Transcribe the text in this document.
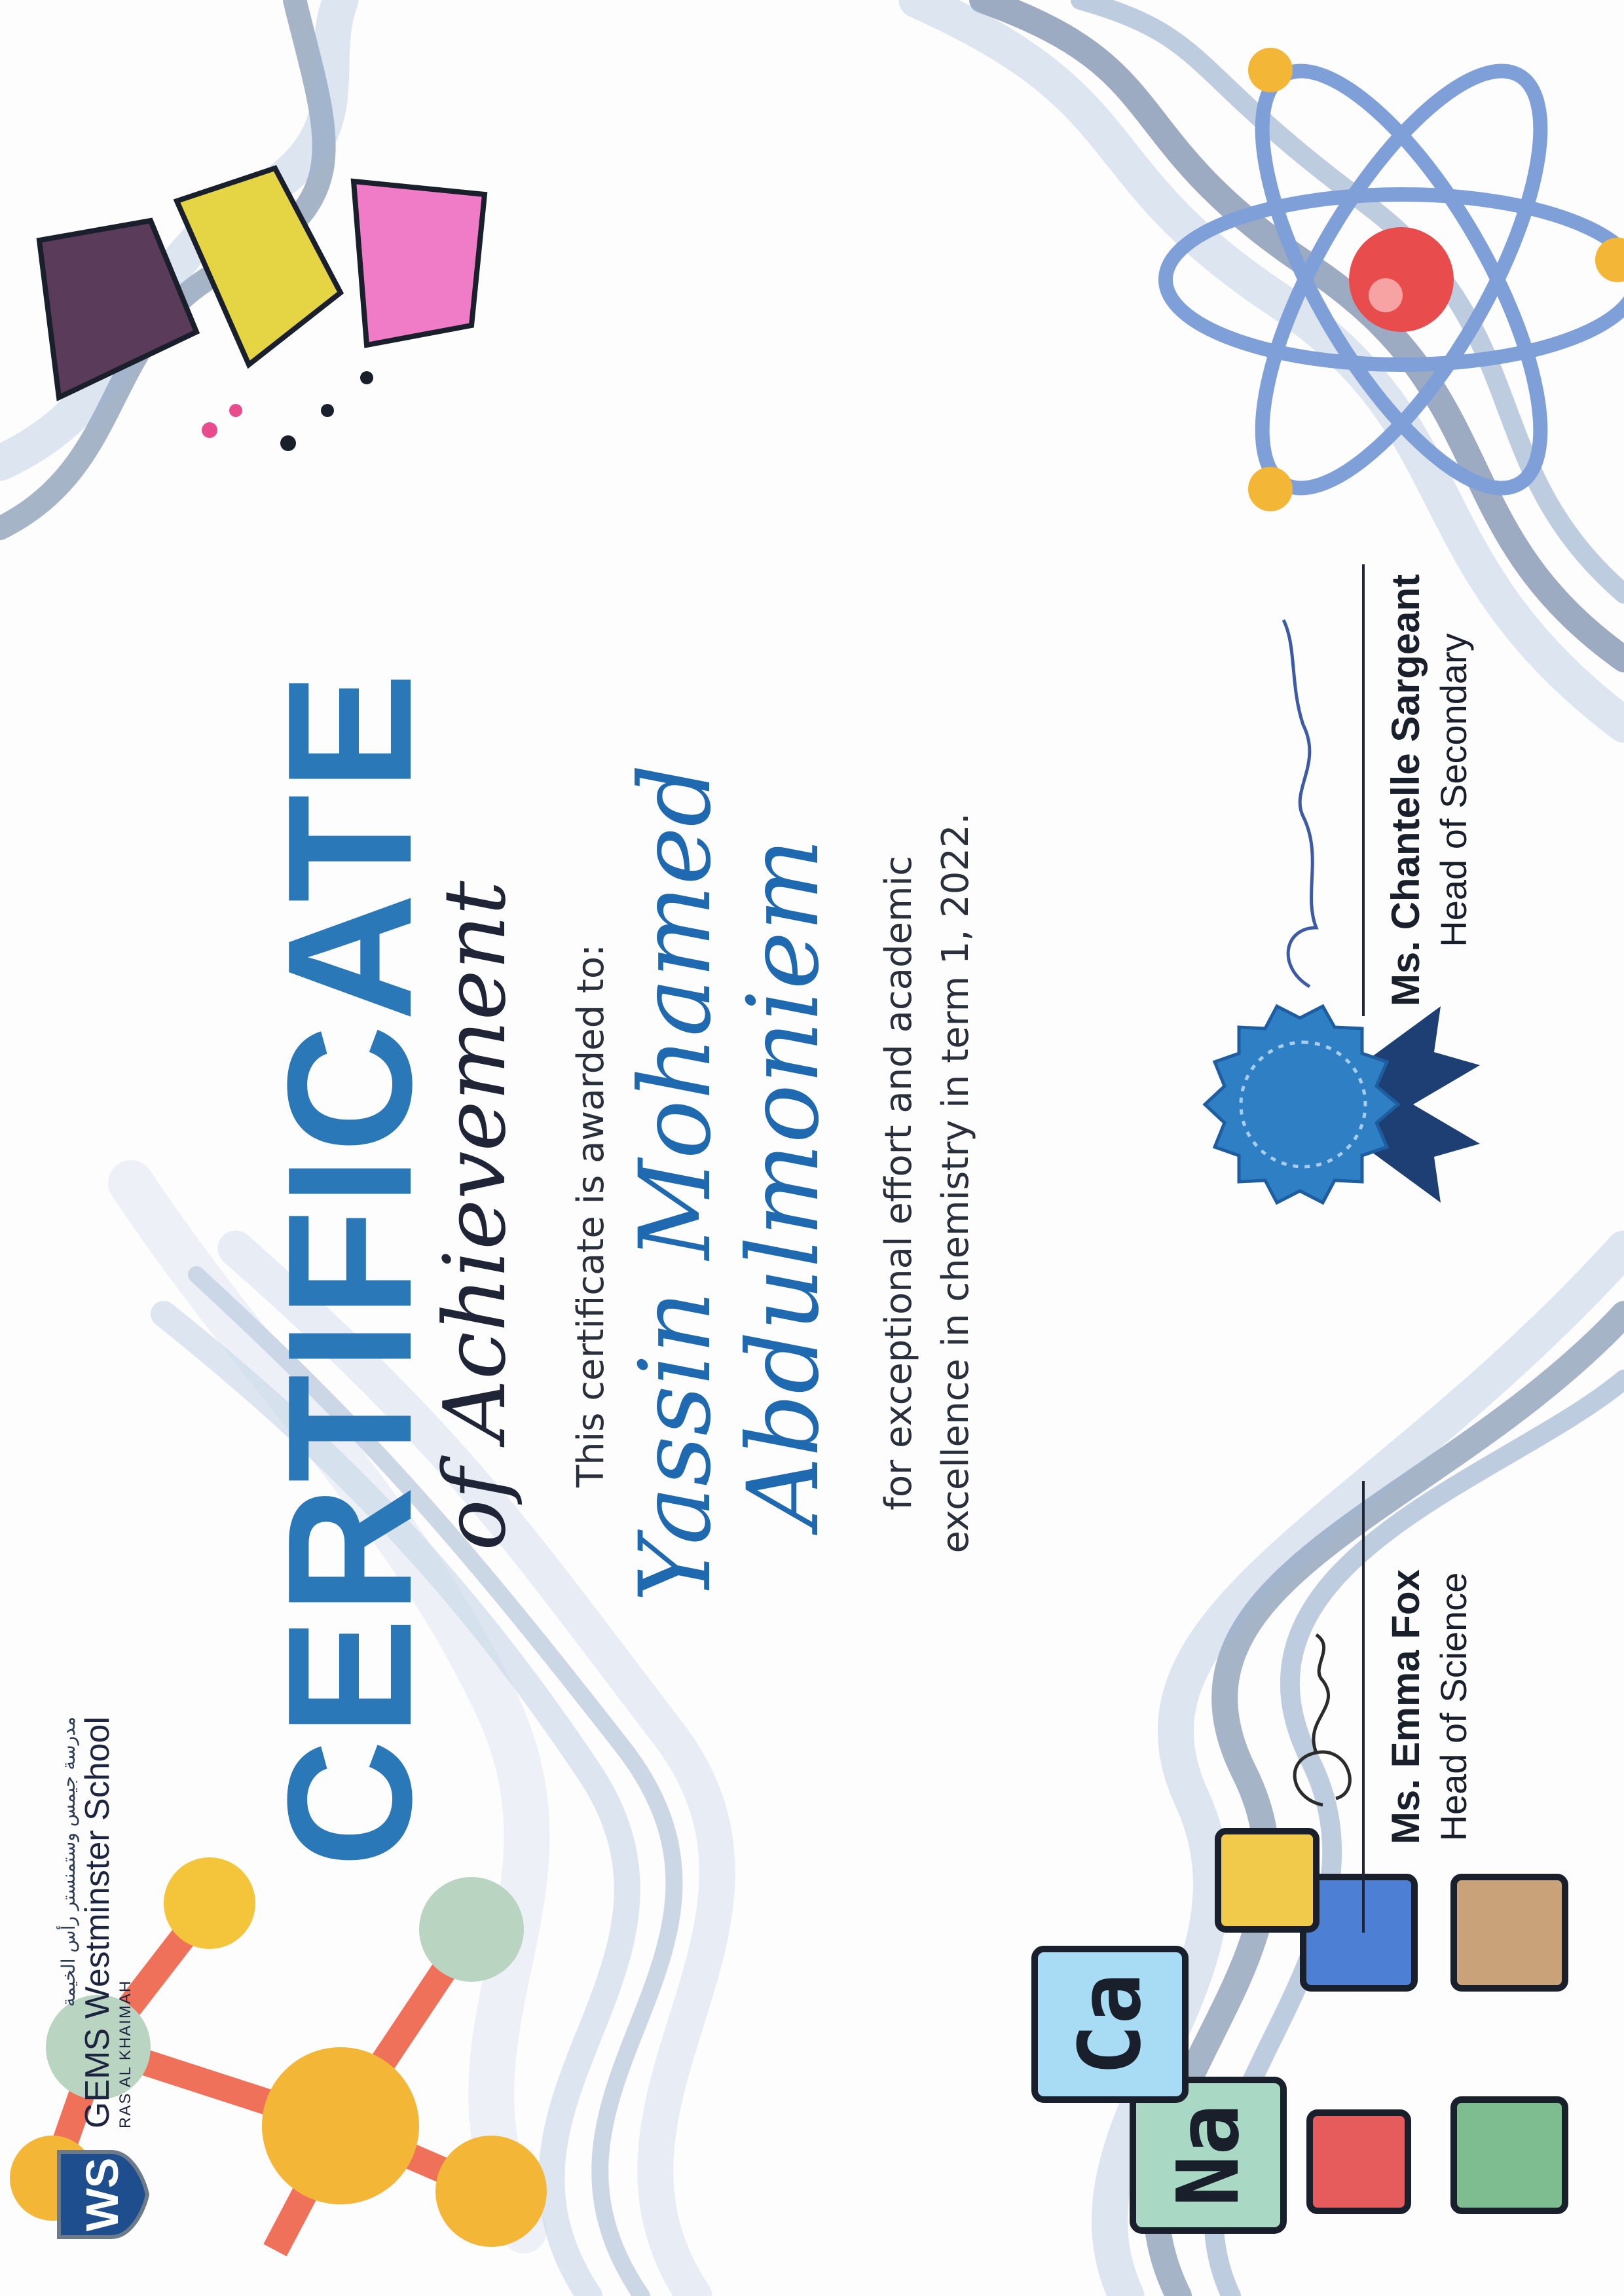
Na
Ca
WS
مدرسة جيمس وستمنستر رأس الخيمة GEMS Westminster School RAS AL KHAIMAH
CERTIFICATE
of Achievement This certificate is awarded to: Yassin Mohamed Abdulmoniem for exceptional effort and academic excellence in chemistry in term 1, 2022.
Ms. Emma Fox Head of Science
Ms. Chantelle Sargeant Head of Secondary
